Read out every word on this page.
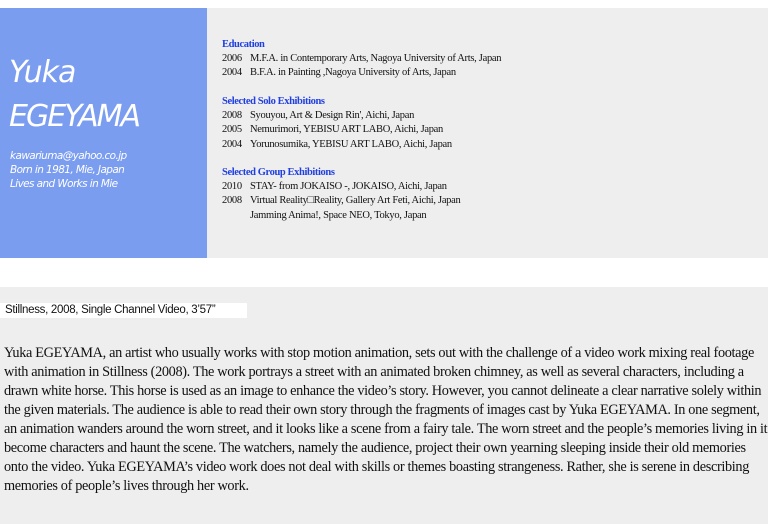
Yuka
EGEYAMA
kawariuma@yahoo.co.jp
Born in 1981, Mie, Japan
Lives and Works in Mie
Education
2006 M.F.A. in Contemporary Arts, Nagoya University of Arts, Japan
2004 B.F.A. in Painting ,Nagoya University of Arts, Japan
Selected Solo Exhibitions
2008 Syouyou, Art & Design Rin', Aichi, Japan
2005 Nemurimori, YEBISU ART LABO, Aichi, Japan
2004 Yorunosumika, YEBISU ART LABO, Aichi, Japan
Selected Group Exhibitions
2010 STAY- from JOKAISO -, JOKAISO, Aichi, Japan
2008 Virtual Reality□Reality, Gallery Art Feti, Aichi, Japan
Jamming Anima!, Space NEO, Tokyo, Japan
Stillness, 2008, Single Channel Video, 3’57”

Yuka EGEYAMA, an artist who usually works with stop motion animation, sets out with the challenge of a video work mixing real footage with animation in Stillness (2008). The work portrays a street with an animated broken chimney, as well as several characters, including a drawn white horse. This horse is used as an image to enhance the video’s story. However, you cannot delineate a clear narrative solely within the given materials. The audience is able to read their own story through the fragments of images cast by Yuka EGEYAMA. In one segment, an animation wanders around the worn street, and it looks like a scene from a fairy tale. The worn street and the people’s memories living in it become characters and haunt the scene. The watchers, namely the audience, project their own yearning sleeping inside their old memories onto the video. Yuka EGEYAMA’s video work does not deal with skills or themes boasting strangeness. Rather, she is serene in describing memories of people’s lives through her work.
